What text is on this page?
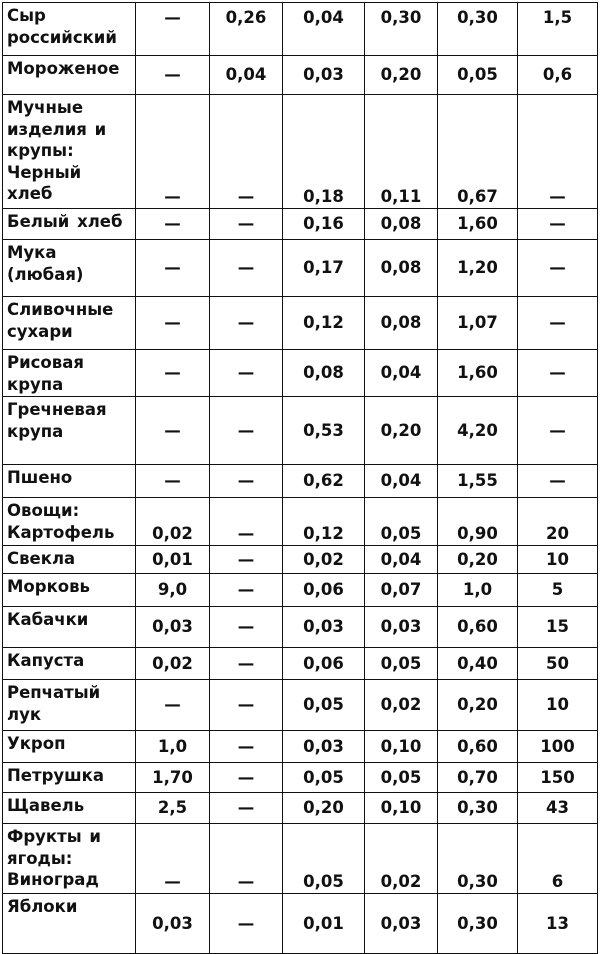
Сыр российский	—	0,26	0,04	0,30	0,30	1,5
Мороженое	—	0,04	0,03	0,20	0,05	0,6
Мучные изделия и крупы: Черный хлеб	—	—	0,18	0,11	0,67	—
Белый хлеб	—	—	0,16	0,08	1,60	—
Мука (любая)	—	—	0,17	0,08	1,20	—
Сливочные сухари	—	—	0,12	0,08	1,07	—
Рисовая крупа	—	—	0,08	0,04	1,60	—
Гречневая крупа	—	—	0,53	0,20	4,20	—
Пшено	—	—	0,62	0,04	1,55	—
Овощи: Картофель	0,02	—	0,12	0,05	0,90	20
Свекла	0,01	—	0,02	0,04	0,20	10
Морковь	9,0	—	0,06	0,07	1,0	5
Кабачки	0,03	—	0,03	0,03	0,60	15
Капуста	0,02	—	0,06	0,05	0,40	50
Репчатый лук	—	—	0,05	0,02	0,20	10
Укроп	1,0	—	0,03	0,10	0,60	100
Петрушка	1,70	—	0,05	0,05	0,70	150
Щавель	2,5	—	0,20	0,10	0,30	43
Фрукты и ягоды: Виноград	—	—	0,05	0,02	0,30	6
Яблоки	0,03	—	0,01	0,03	0,30	13
